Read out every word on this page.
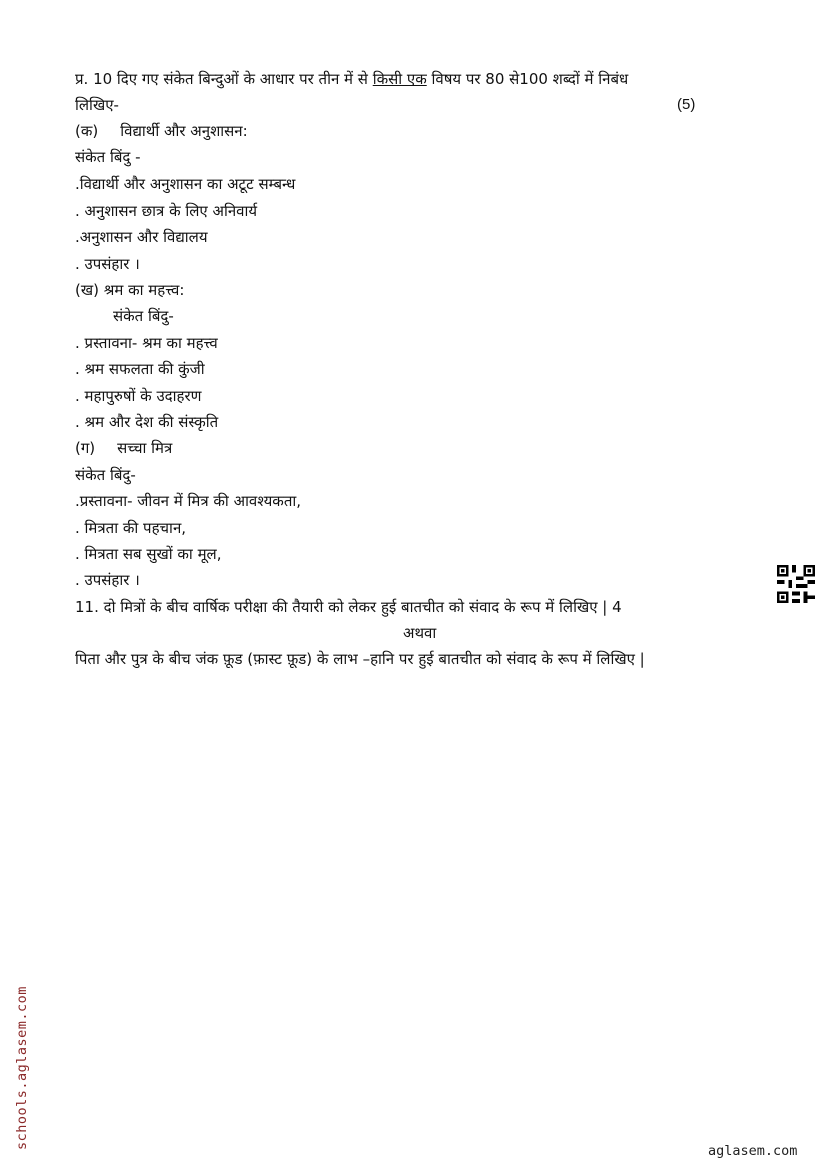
प्र. 10 दिए गए संकेत बिन्दुओं के आधार पर तीन में से किसी एक विषय पर 80 से100 शब्दों में निबंध
लिखिए-	(5)
(क) विद्यार्थी और अनुशासन:
संकेत बिंदु -
.विद्यार्थी और अनुशासन का अटूट सम्बन्ध
. अनुशासन छात्र के लिए अनिवार्य
.अनुशासन और विद्यालय
. उपसंहार ।
(ख) श्रम का महत्त्व:
संकेत बिंदु-
. प्रस्तावना- श्रम का महत्त्व
. श्रम सफलता की कुंजी
. महापुरुषों के उदाहरण
. श्रम और देश की संस्कृति
(ग) सच्चा मित्र
संकेत बिंदु-
.प्रस्तावना- जीवन में मित्र की आवश्यकता,
. मित्रता की पहचान,
. मित्रता सब सुखों का मूल,
. उपसंहार ।
11. दो मित्रों के बीच वार्षिक परीक्षा की तैयारी को लेकर हुई बातचीत को संवाद के रूप में लिखिए | 4
अथवा
पिता और पुत्र के बीच जंक फ़ूड (फ़ास्ट फ़ूड) के लाभ –हानि पर हुई बातचीत को संवाद के रूप में लिखिए |
schools.aglasem.com
aglasem.com
